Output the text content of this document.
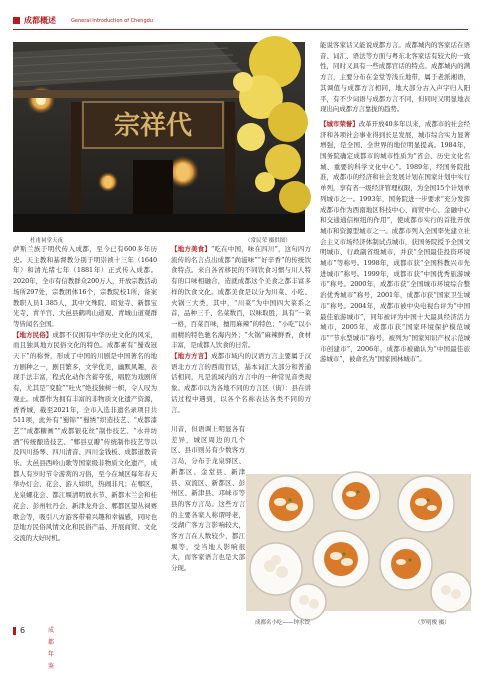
成都概述	General Introduction of Chengdu
宗祥代
杜甫祠堂天夜	（常民荣 摄供图）

萨斯兰族于明代传入成都，至今已有600多年历史。天主教和基督教分别于明崇祯十三年（1640年）和清光绪七年（1881年）正式传入成都。2020年，全市有信教群众200万人，开放宗教活动场所297处，宗教团体16个，宗教院校1所，备案教职人员1 385人，其中文殊院、昭觉寺、新都宝光寺、青羊宫、大邑县鹤鸣山道观、青城山道观群等皆闻名全国。

【地方民俗】成都不仅拥有中华历史文化的风采，而且独具地方民俗文化的特色。成都素有“蜀戏冠天下”的称誉，形成了中国的川剧是中国著名的地方剧种之一，剧目繁多，文学优美，幽默风趣，表现手法丰富，程式化动作含蓄夸张，唱腔为戏剧所有，尤其是“变脸”“吐火”绝技独树一帜，令人叹为观止。成都作为拥有丰富的非物质文化遗产资源，香香城，截至2021年，全市入选非遗名录项目共511项，此外有“蜀锦”“蜀绣”织造技艺、“成都漆艺”“成都糖画”“成都银花丝”制作技艺、“水井坊酒”传统酿造技艺、“郫县豆瓣”传统制作技艺等以及四川扬琴、四川清音、四川金钱板、成都道教音乐、大邑县西岭山歌等国家级非物质文化遗产，成都人有岁时节令游赏的习俗，至今在城区每年春天举办灯会、花会、游人如织，热闹非凡；在郫区，龙泉螺花会、都江堰清明放水节、新都木兰会和桂花会、彭州牡丹会、新津龙舟会、郫都区望丛祠赛歌会等，吸引八方游客带着兴趣和幸福感，同时也是地方民俗风情文化和民俗产品、开展商贸、文化交流的大好时机。

【地方美食】“吃在中国，味在四川”，这句四方流传的名言点出成都“尚滋味”“好辛香”的传统饮食特点。来自各省移民的不同饮食习惯与川人特有的口味相融合，造就成都这个美食之都丰富多样的饮食文化。成都美食是以分为川菜、小吃、火锅三大类，其中，“川菜”为中国四大菜系之首，品种三千、名菜数百，以味取胜，具有“一菜一格，百菜百味，擅用麻辣”的特色；“小吃”以小而精的特色驰名海内外；“火锅”麻辣鲜香，食材丰富，是成都人饮食的日常。

【地方方言】成都市域内的汉语方言主要属于汉语北方方言的西南官话，基本词汇大部分和普通话相同，凡是流域内的方言中的一种常见音类现象。成都市以为各地不同的方言区（街）：县在讲话过程中遇到，以各个名称表达各类不同的方言。

川音，但语调上明显各有差异，城区周边的几个区、县市则另有少数客方言岛，分布于龙泉驿区、新都区、金堂县、新津县、双流区、新都区、彭州区、新津县、邛崃市等县的客方言岛。这些方言的主要各家人称谓呼老，受湖广客方言影响较大，客方言在人数较少，都江堰等，受当地人影响很大，而客家语言也是大部分现。

能说客家话又能说成都方言。成都城内的客家话在语音、词汇、语法等方面与粤东北客家话有较大的一致性，同时又具有一些成都官话的特点。成都城内的满方言，主要分布在金堂等浅丘地带，属于老派湘语，其调值与成都方言相同，地大部分古入声字归入阳平，有不少词语与成都方言不同，但同时又明显地表现出向成都方言靠拢的趋势。

【城市荣誉】改革开放40多年以来，成都市的社会经济和各项社会事业得到长足发展，城市综合实力显著增强，是全国、全世界的地位明显提高。1984年，国务院确定成都市的城市性质为“省会、历史文化名城、重要的科学文化中心”。1989年，经国务院批准，成都市的经济和社会发展计划在国家计划中实行单列，享有省一级经济管理权限，为全国15个计划单列城市之一。1993年，国务院进一步要求“充分发挥成都市作为西南地区科技中心、商贸中心、金融中心和交通通信枢纽的作用”，使成都市实行的首批开放城市和资源型城市之一。成都市列入全国率先建立社会主义市场经济体制试点城市，获国务院授予全国文明城市、行政副省级城市，并获“全国最佳投资环境城市”等称号。1998年，成都市获“全国科教兴市先进城市”称号。1999年，成都市获“中国优秀旅游城市”称号。2000年，成都市获“全国城市环境综合整治优秀城市”称号，2001年，成都市获“国家卫生城市”称号。2004年，成都市被中央电视台评为“中国最佳旅游城市”，同年被评为中国十大最具经济活力城市，2005年，成都市获“国家环境保护模范城市”“节水型城市”称号，被列为“国家知识产权示范城市创建市”，2006年，成都市被确认为“中国最佳旅游城市”，被命名为“国家园林城市”。

成都名小吃——钟水饺	（罗明俊 摄）
6	成 都 年 鉴
